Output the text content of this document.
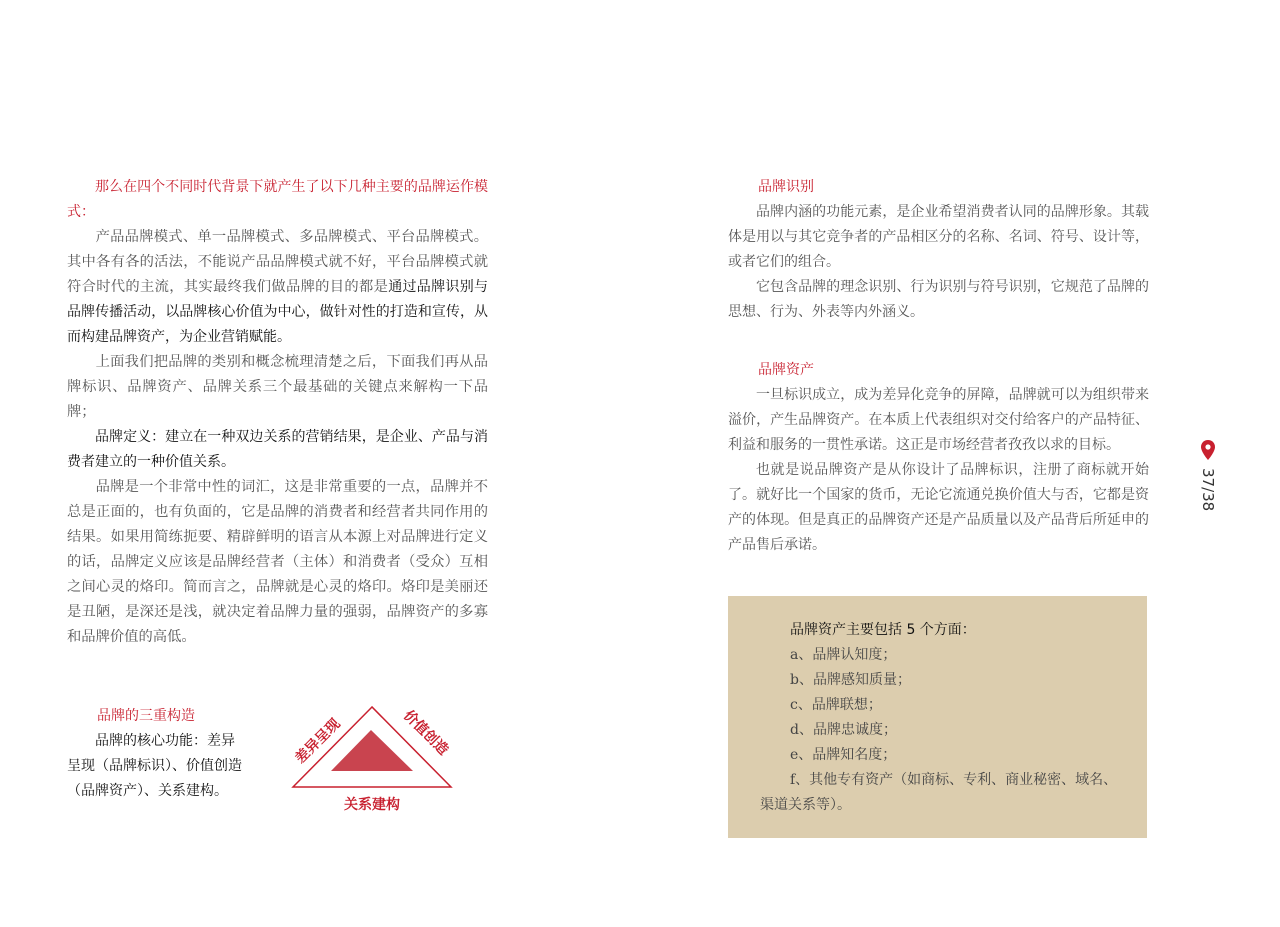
那么在四个不同时代背景下就产生了以下几种主要的品牌运作模式：

产品品牌模式、单一品牌模式、多品牌模式、平台品牌模式。其中各有各的活法，不能说产品品牌模式就不好，平台品牌模式就符合时代的主流，其实最终我们做品牌的目的都是通过品牌识别与品牌传播活动，以品牌核心价值为中心，做针对性的打造和宣传，从而构建品牌资产，为企业营销赋能。

上面我们把品牌的类别和概念梳理清楚之后，下面我们再从品牌标识、品牌资产、品牌关系三个最基础的关键点来解构一下品牌；

品牌定义：建立在一种双边关系的营销结果，是企业、产品与消费者建立的一种价值关系。

品牌是一个非常中性的词汇，这是非常重要的一点，品牌并不总是正面的，也有负面的，它是品牌的消费者和经营者共同作用的结果。如果用简练扼要、精辟鲜明的语言从本源上对品牌进行定义的话，品牌定义应该是品牌经营者（主体）和消费者（受众）互相之间心灵的烙印。简而言之，品牌就是心灵的烙印。烙印是美丽还是丑陋，是深还是浅，就决定着品牌力量的强弱，品牌资产的多寡和品牌价值的高低。

品牌的三重构造

品牌的核心功能：差异呈现（品牌标识）、价值创造（品牌资产）、关系建构。

差异呈现	价值创造
关系建构

品牌识别

品牌内涵的功能元素，是企业希望消费者认同的品牌形象。其载体是用以与其它竞争者的产品相区分的名称、名词、符号、设计等，或者它们的组合。

它包含品牌的理念识别、行为识别与符号识别，它规范了品牌的思想、行为、外表等内外涵义。

品牌资产

一旦标识成立，成为差异化竞争的屏障，品牌就可以为组织带来溢价，产生品牌资产。在本质上代表组织对交付给客户的产品特征、利益和服务的一贯性承诺。这正是市场经营者孜孜以求的目标。

也就是说品牌资产是从你设计了品牌标识，注册了商标就开始了。就好比一个国家的货币，无论它流通兑换价值大与否，它都是资产的体现。但是真正的品牌资产还是产品质量以及产品背后所延申的产品售后承诺。

品牌资产主要包括 5 个方面：
a、品牌认知度；
b、品牌感知质量；
c、品牌联想；
d、品牌忠诚度；
e、品牌知名度；
f、其他专有资产（如商标、专利、商业秘密、域名、
渠道关系等）。

37/38
